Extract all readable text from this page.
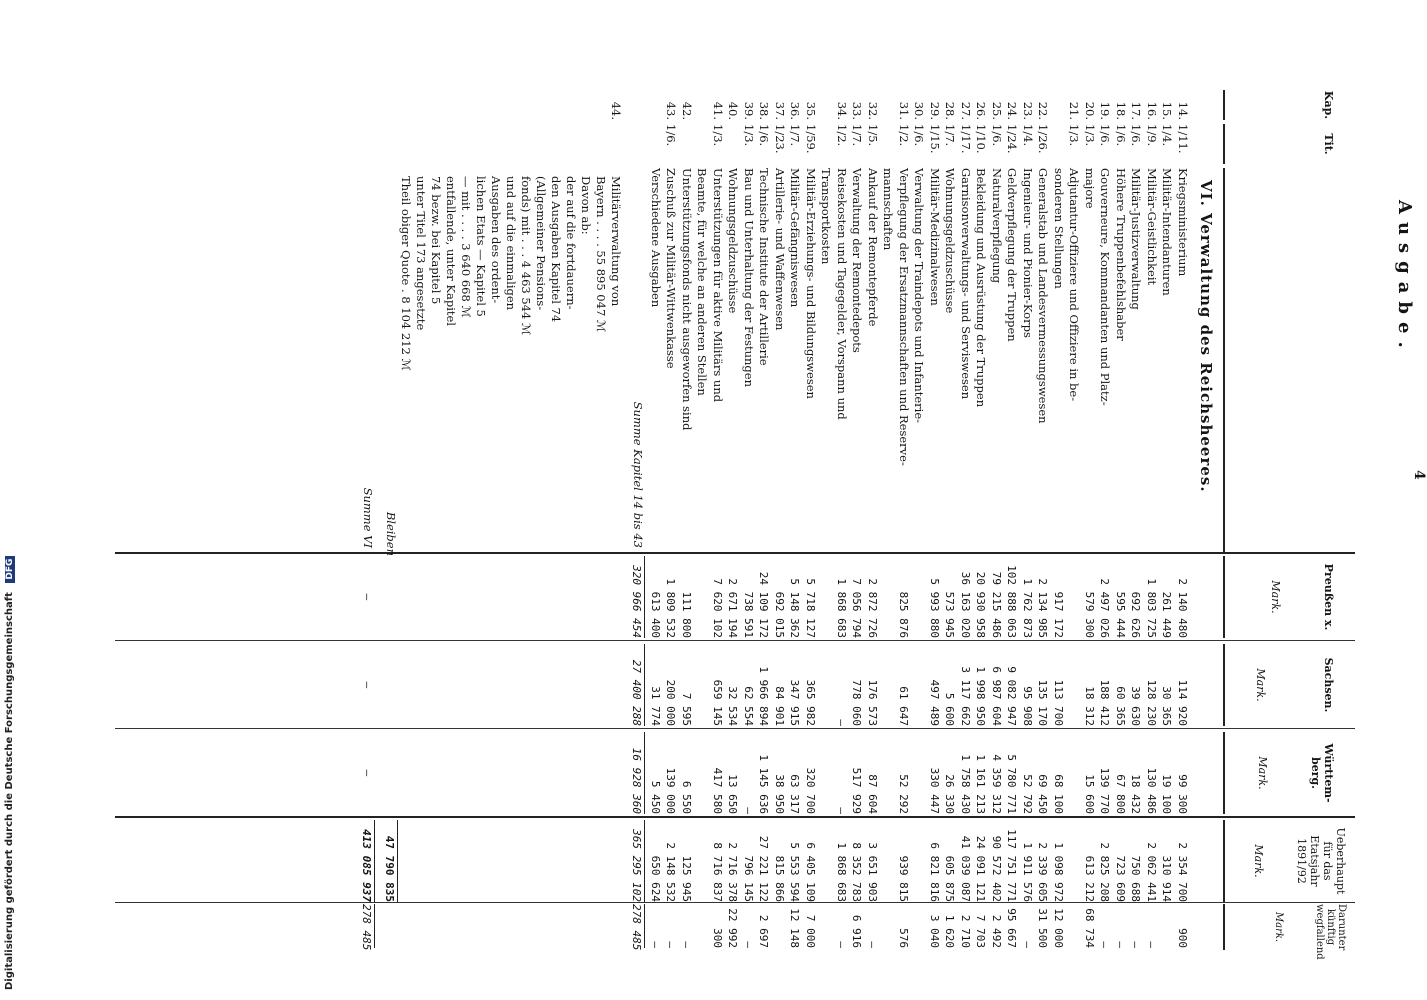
Digitalisierung gefördert durch die Deutsche Forschungsgemeinschaft DFG
4
Ausgabe.
Kap.
Tit.
Preußen x.
Mark.
Sachsen.
Mark.
Württem-berg.
Mark.
Ueberhaupt für das Etatsjahr 1891/92
Mark.
Darunter künftig wegfallend
Mark.
VI. Verwaltung des Reichsheeres.
14.
1/11.
Kriegsministerium
2 140 480
114 920
99 300
2 354 700
900
15.
1/4.
Militär-Intendanturen
261 449
30 365
19 100
310 914
16.
1/9.
Militär-Geistlichkeit
1 803 725
128 230
130 486
2 062 441
—
17.
1/6.
Militär-Justizverwaltung
692 626
39 630
18 432
750 688
—
18.
1/6.
Höhere Truppenbefehlshaber
595 444
60 365
67 800
723 609
—
19.
1/6.
Gouverneure, Kommandanten und Platz-
2 497 026
188 412
139 770
2 825 208
—
20.
1/3.
majore
579 300
18 312
15 600
613 212
68 734
21.
1/3.
Adjutantur-Offiziere und Offiziere in be-
sonderen Stellungen
917 172
113 700
68 100
1 098 972
12 000
22.
1/26.
Generalstab und Landesvermessungswesen
2 134 985
135 170
69 450
2 339 605
31 500
23.
1/4.
Ingenieur- und Pionier-Korps
1 762 873
95 908
52 792
1 911 576
—
24.
1/24.
Geldverpflegung der Truppen
102 888 063
9 082 947
5 780 771
117 751 771
95 667
25.
1/6.
Naturalverpflegung
79 215 486
6 987 604
4 359 312
90 572 402
2 492
26.
1/10.
Bekleidung und Ausrüstung der Truppen
20 930 958
1 998 950
1 161 213
24 091 121
7 703
27.
1/17.
Garnisonverwaltungs- und Serviswesen
36 163 020
3 117 662
1 758 430
41 039 087
2 710
28.
1/7.
Wohnungsgeldzuschüsse
573 945
5 600
26 330
605 875
1 620
29.
1/15.
Militär-Medizinalwesen
5 993 880
497 489
330 447
6 821 816
3 040
30.
1/6.
Verwaltung der Traindepots und Infanterie-
31.
1/2.
Verpflegung der Ersatzmannschaften und Reserve-
825 876
61 647
52 292
939 815
576
mannschaften
32.
1/5.
Ankauf der Remontepferde
2 872 726
176 573
87 604
3 651 903
—
33.
1/7.
Verwaltung der Remontedepots
7 056 794
778 060
517 929
8 352 783
6 916
34.
1/2.
Reisekosten und Tagegelder, Vorspann und
1 868 683
—
—
1 868 683
—
Transportkosten
35.
1/59.
Militär-Erziehungs- und Bildungswesen
5 718 127
365 982
320 700
6 405 109
7 000
36.
1/7.
Militär-Gefängniswesen
5 148 362
347 915
63 317
5 553 594
12 148
37.
1/23.
Artillerie- und Waffenwesen
692 015
84 901
38 950
815 866
38.
1/6.
Technische Institute der Artillerie
24 109 172
1 966 894
1 145 636
27 221 122
2 697
39.
1/3.
Bau und Unterhaltung der Festungen
738 591
62 554
—
796 145
—
40.
Wohnungsgeldzuschüsse
2 671 194
32 534
13 650
2 716 378
22 992
41.
1/3.
Unterstützungen für aktive Militärs und
7 620 102
659 145
417 580
8 716 837
300
Beamte, für welche an anderen Stellen
42.
Unterstützungsfonds nicht ausgeworfen sind
111 800
7 595
6 550
125 945
—
43.
1/6.
Zuschuß zur Militär-Wittwenkasse
1 809 532
200 000
139 000
2 148 532
—
Verschiedene Ausgaben
613 400
31 774
5 450
650 624
—
Summe Kapitel 14 bis 43
320 966 454
27 400 288
16 928 360
365 295 102
278 485
44.
Militärverwaltung von
Bayern . . . . 55 895 047 ℳ
Davon ab:
der auf die fortdauern-
den Ausgaben Kapitel 74
(Allgemeiner Pensions-
fonds) mit . . . 4 463 544 ℳ
und auf die einmaligen
Ausgaben des ordent-
lichen Etats — Kapitel 5
— mit . . . . 3 640 668 ℳ
entfallende, unter Kapitel
74 bezw. bei Kapitel 5
unter Titel 173 angesetzte
Theil obiger Quote . 8 104 212 ℳ
Bleiben
47 790 835
Summe VI
—
—
—
413 085 937
278 485
